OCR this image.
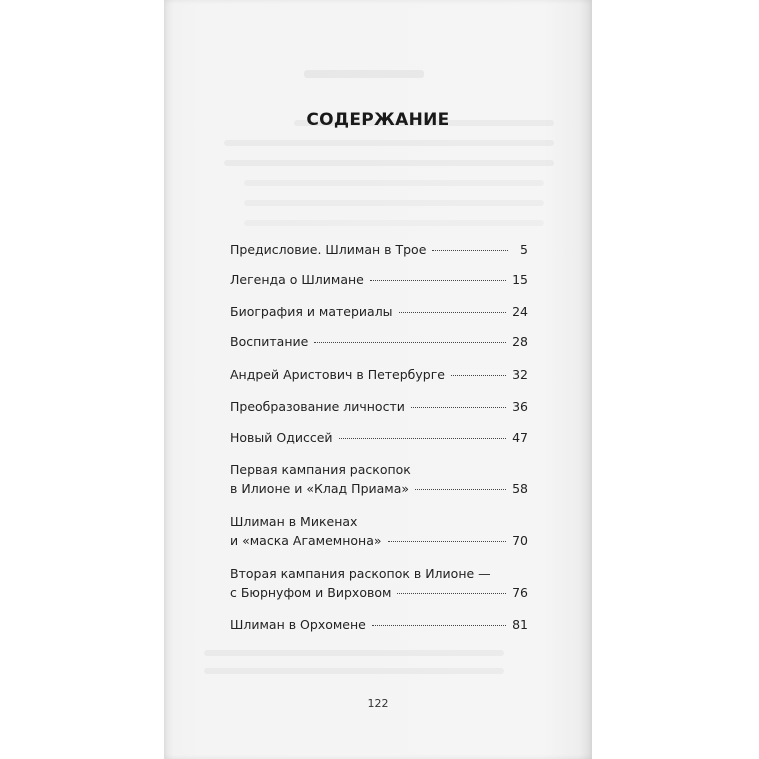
СОДЕРЖАНИЕ
Предисловие. Шлиман в Трое	5
Легенда о Шлимане	15
Биография и материалы	24
Воспитание	28
Андрей Аристович в Петербурге	32
Преобразование личности	36
Новый Одиссей	47
Первая кампания раскопок
в Илионе и «Клад Приама»	58
Шлиман в Микенах
и «маска Агамемнона»	70
Вторая кампания раскопок в Илионе —
с Бюрнуфом и Вирховом	76
Шлиман в Орхомене	81
122
